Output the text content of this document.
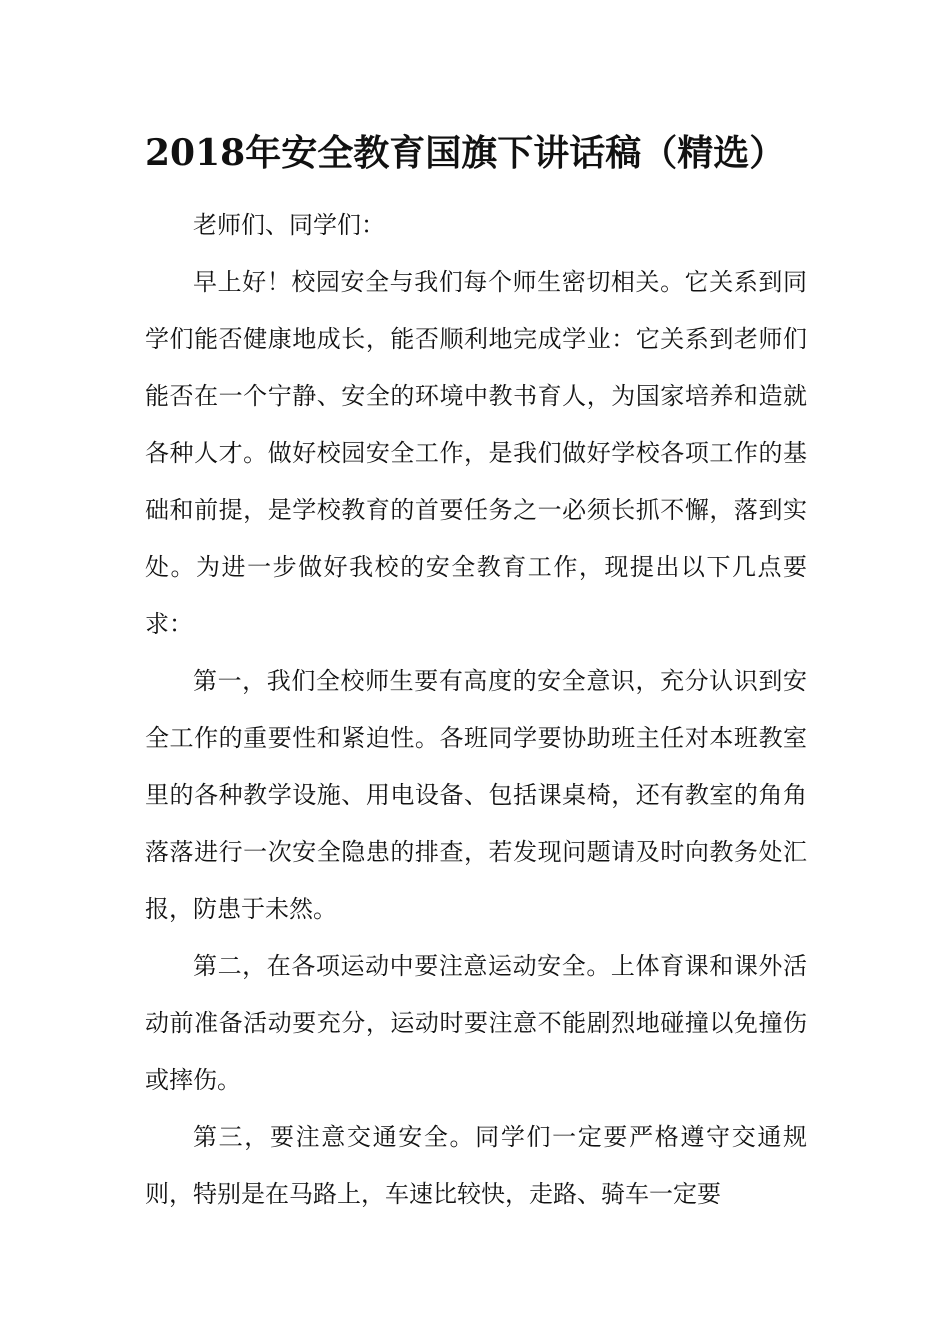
2018年安全教育国旗下讲话稿（精选）

老师们、同学们：

早上好！校园安全与我们每个师生密切相关。它关系到同学们能否健康地成长，能否顺利地完成学业：它关系到老师们能否在一个宁静、安全的环境中教书育人，为国家培养和造就各种人才。做好校园安全工作，是我们做好学校各项工作的基础和前提，是学校教育的首要任务之一必须长抓不懈，落到实处。为进一步做好我校的安全教育工作，现提出以下几点要求：

第一，我们全校师生要有高度的安全意识，充分认识到安全工作的重要性和紧迫性。各班同学要协助班主任对本班教室里的各种教学设施、用电设备、包括课桌椅，还有教室的角角落落进行一次安全隐患的排查，若发现问题请及时向教务处汇报，防患于未然。

第二，在各项运动中要注意运动安全。上体育课和课外活动前准备活动要充分，运动时要注意不能剧烈地碰撞以免撞伤或摔伤。

第三，要注意交通安全。同学们一定要严格遵守交通规则，特别是在马路上，车速比较快，走路、骑车一定要
